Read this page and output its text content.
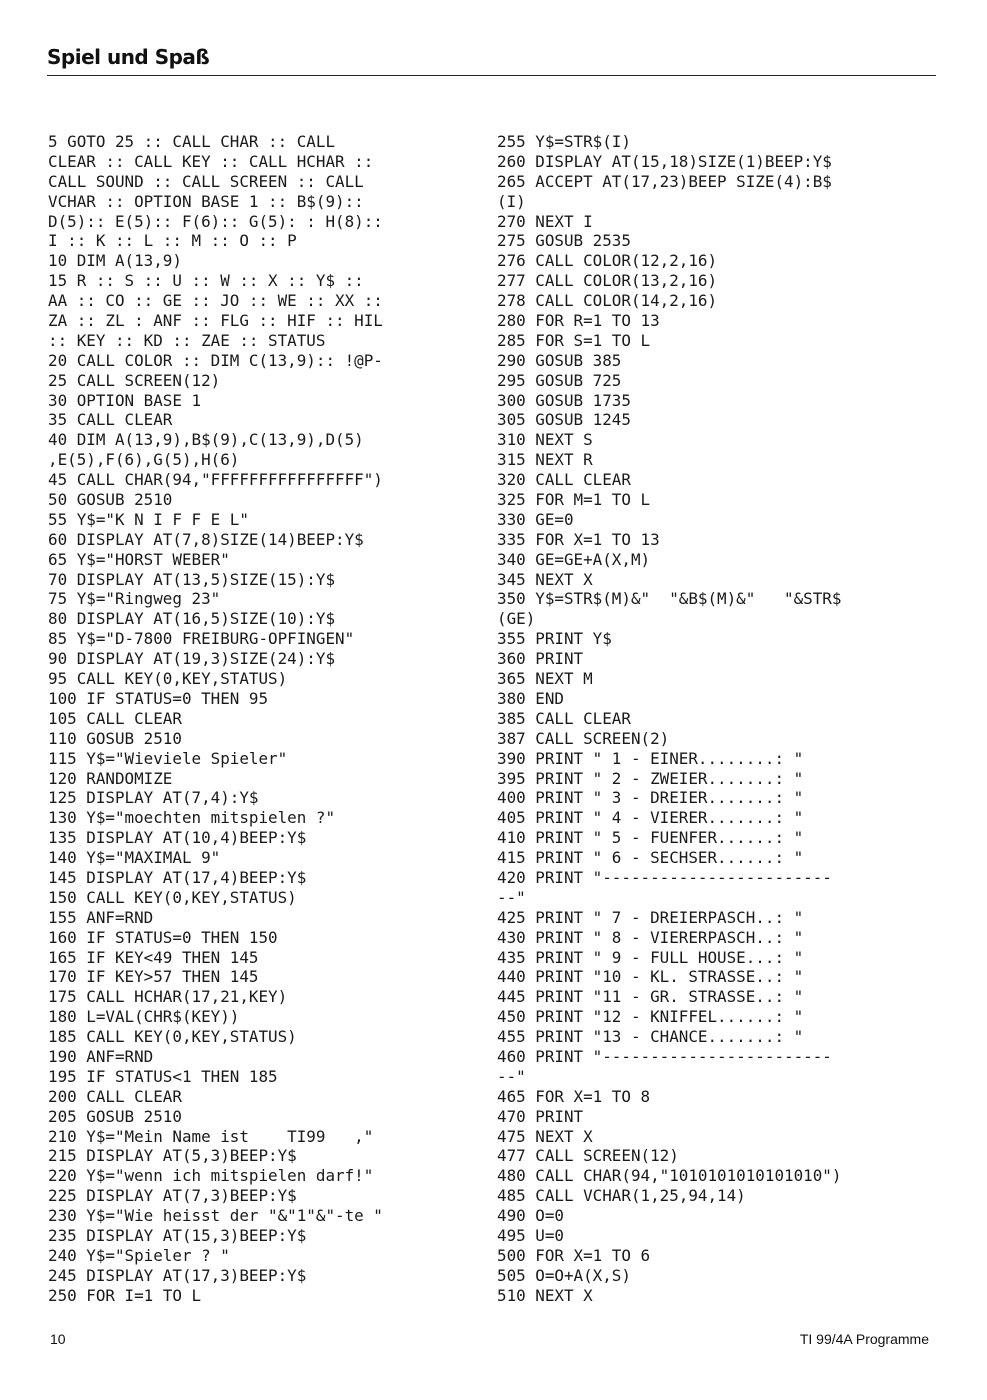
Spiel und Spaß
5 GOTO 25 :: CALL CHAR :: CALL
CLEAR :: CALL KEY :: CALL HCHAR ::
CALL SOUND :: CALL SCREEN :: CALL
VCHAR :: OPTION BASE 1 :: B$(9)::
D(5):: E(5):: F(6):: G(5): : H(8)::
I :: K :: L :: M :: O :: P
10 DIM A(13,9)
15 R :: S :: U :: W :: X :: Y$ ::
AA :: CO :: GE :: JO :: WE :: XX ::
ZA :: ZL : ANF :: FLG :: HIF :: HIL
:: KEY :: KD :: ZAE :: STATUS
20 CALL COLOR :: DIM C(13,9):: !@P-
25 CALL SCREEN(12)
30 OPTION BASE 1
35 CALL CLEAR
40 DIM A(13,9),B$(9),C(13,9),D(5)
,E(5),F(6),G(5),H(6)
45 CALL CHAR(94,"FFFFFFFFFFFFFFFF")
50 GOSUB 2510
55 Y$="K N I F F E L"
60 DISPLAY AT(7,8)SIZE(14)BEEP:Y$
65 Y$="HORST WEBER"
70 DISPLAY AT(13,5)SIZE(15):Y$
75 Y$="Ringweg 23"
80 DISPLAY AT(16,5)SIZE(10):Y$
85 Y$="D-7800 FREIBURG-OPFINGEN"
90 DISPLAY AT(19,3)SIZE(24):Y$
95 CALL KEY(0,KEY,STATUS)
100 IF STATUS=0 THEN 95
105 CALL CLEAR
110 GOSUB 2510
115 Y$="Wieviele Spieler"
120 RANDOMIZE
125 DISPLAY AT(7,4):Y$
130 Y$="moechten mitspielen ?"
135 DISPLAY AT(10,4)BEEP:Y$
140 Y$="MAXIMAL 9"
145 DISPLAY AT(17,4)BEEP:Y$
150 CALL KEY(0,KEY,STATUS)
155 ANF=RND
160 IF STATUS=0 THEN 150
165 IF KEY<49 THEN 145
170 IF KEY>57 THEN 145
175 CALL HCHAR(17,21,KEY)
180 L=VAL(CHR$(KEY))
185 CALL KEY(0,KEY,STATUS)
190 ANF=RND
195 IF STATUS<1 THEN 185
200 CALL CLEAR
205 GOSUB 2510
210 Y$="Mein Name ist    TI99   ,"
215 DISPLAY AT(5,3)BEEP:Y$
220 Y$="wenn ich mitspielen darf!"
225 DISPLAY AT(7,3)BEEP:Y$
230 Y$="Wie heisst der "&"1"&"-te "
235 DISPLAY AT(15,3)BEEP:Y$
240 Y$="Spieler ? "
245 DISPLAY AT(17,3)BEEP:Y$
250 FOR I=1 TO L
255 Y$=STR$(I)
260 DISPLAY AT(15,18)SIZE(1)BEEP:Y$
265 ACCEPT AT(17,23)BEEP SIZE(4):B$
(I)
270 NEXT I
275 GOSUB 2535
276 CALL COLOR(12,2,16)
277 CALL COLOR(13,2,16)
278 CALL COLOR(14,2,16)
280 FOR R=1 TO 13
285 FOR S=1 TO L
290 GOSUB 385
295 GOSUB 725
300 GOSUB 1735
305 GOSUB 1245
310 NEXT S
315 NEXT R
320 CALL CLEAR
325 FOR M=1 TO L
330 GE=0
335 FOR X=1 TO 13
340 GE=GE+A(X,M)
345 NEXT X
350 Y$=STR$(M)&"  "&B$(M)&"   "&STR$
(GE)
355 PRINT Y$
360 PRINT
365 NEXT M
380 END
385 CALL CLEAR
387 CALL SCREEN(2)
390 PRINT " 1 - EINER........: "
395 PRINT " 2 - ZWEIER.......: "
400 PRINT " 3 - DREIER.......: "
405 PRINT " 4 - VIERER.......: "
410 PRINT " 5 - FUENFER......: "
415 PRINT " 6 - SECHSER......: "
420 PRINT "------------------------
--"
425 PRINT " 7 - DREIERPASCH..: "
430 PRINT " 8 - VIERERPASCH..: "
435 PRINT " 9 - FULL HOUSE...: "
440 PRINT "10 - KL. STRASSE..: "
445 PRINT "11 - GR. STRASSE..: "
450 PRINT "12 - KNIFFEL......: "
455 PRINT "13 - CHANCE.......: "
460 PRINT "------------------------
--"
465 FOR X=1 TO 8
470 PRINT
475 NEXT X
477 CALL SCREEN(12)
480 CALL CHAR(94,"1010101010101010")
485 CALL VCHAR(1,25,94,14)
490 O=0
495 U=0
500 FOR X=1 TO 6
505 O=O+A(X,S)
510 NEXT X
10	TI 99/4A Programme
